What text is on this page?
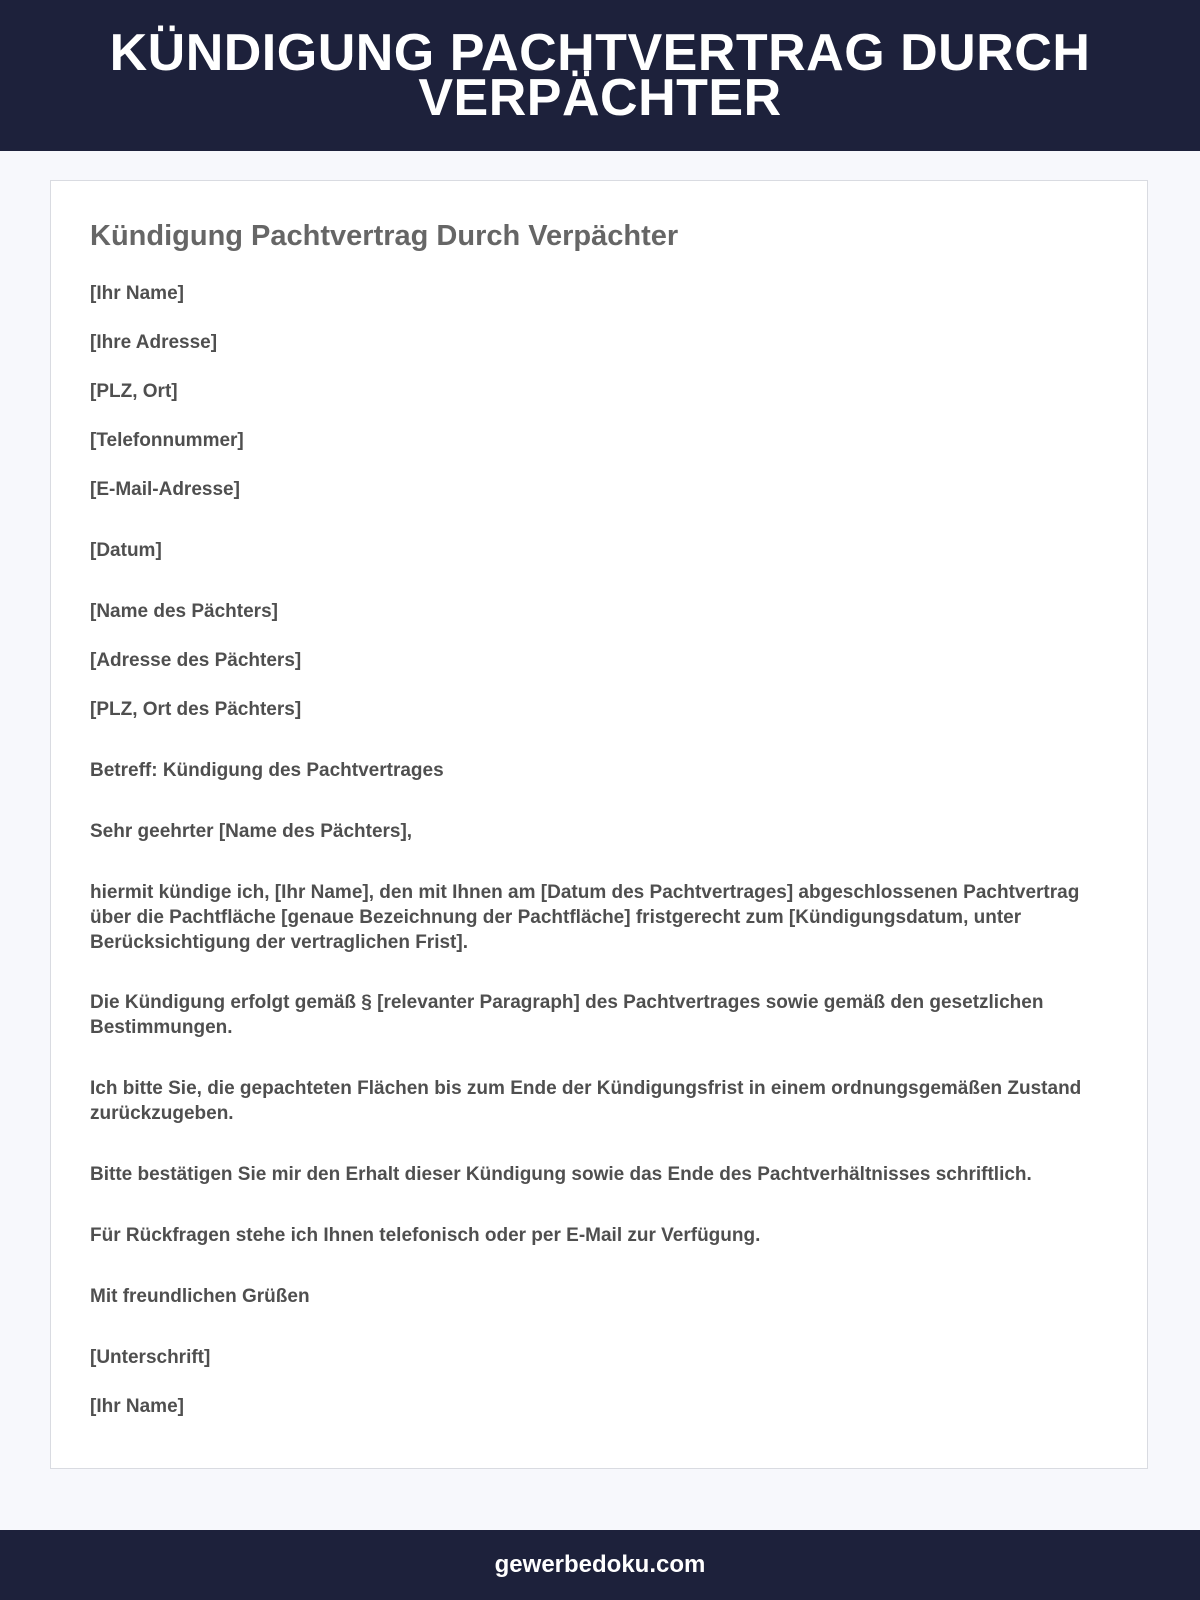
KÜNDIGUNG PACHTVERTRAG DURCH VERPÄCHTER
Kündigung Pachtvertrag Durch Verpächter

[Ihr Name]

[Ihre Adresse]

[PLZ, Ort]

[Telefonnummer]

[E-Mail-Adresse]

[Datum]

[Name des Pächters]

[Adresse des Pächters]

[PLZ, Ort des Pächters]

Betreff: Kündigung des Pachtvertrages

Sehr geehrter [Name des Pächters],

hiermit kündige ich, [Ihr Name], den mit Ihnen am [Datum des Pachtvertrages] abgeschlossenen Pachtvertrag über die Pachtfläche [genaue Bezeichnung der Pachtfläche] fristgerecht zum [Kündigungsdatum, unter Berücksichtigung der vertraglichen Frist].

Die Kündigung erfolgt gemäß § [relevanter Paragraph] des Pachtvertrages sowie gemäß den gesetzlichen Bestimmungen.

Ich bitte Sie, die gepachteten Flächen bis zum Ende der Kündigungsfrist in einem ordnungsgemäßen Zustand zurückzugeben.

Bitte bestätigen Sie mir den Erhalt dieser Kündigung sowie das Ende des Pachtverhältnisses schriftlich.

Für Rückfragen stehe ich Ihnen telefonisch oder per E-Mail zur Verfügung.

Mit freundlichen Grüßen

[Unterschrift]

[Ihr Name]

gewerbedoku.com
